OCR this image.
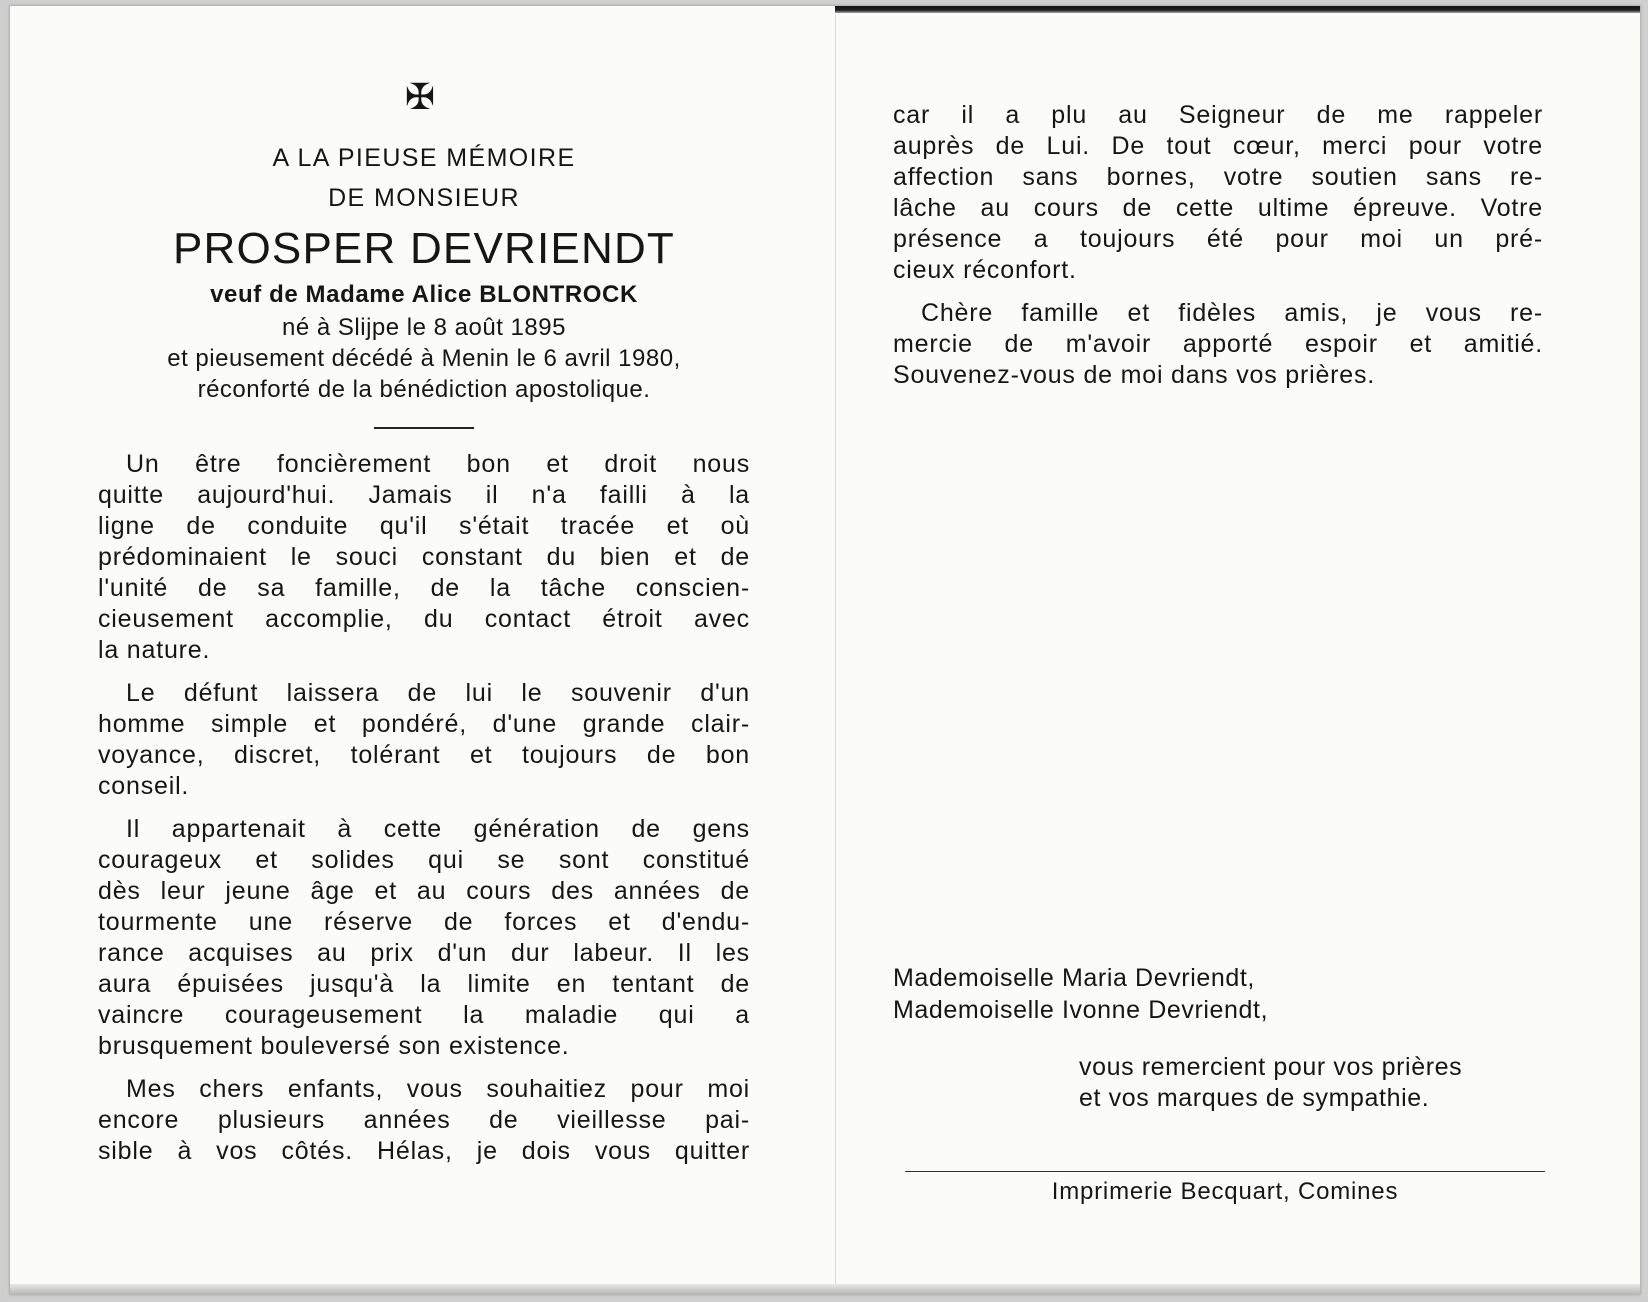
✠
A LA PIEUSE MÉMOIRE
DE MONSIEUR
PROSPER DEVRIENDT
veuf de Madame Alice BLONTROCK
né à Slijpe le 8 août 1895
et pieusement décédé à Menin le 6 avril 1980,
réconforté de la bénédiction apostolique.
Un être foncièrement bon et droit nous
quitte aujourd'hui. Jamais il n'a failli à la
ligne de conduite qu'il s'était tracée et où
prédominaient le souci constant du bien et de
l'unité de sa famille, de la tâche conscien-
cieusement accomplie, du contact étroit avec
la nature.
Le défunt laissera de lui le souvenir d'un
homme simple et pondéré, d'une grande clair-
voyance, discret, tolérant et toujours de bon
conseil.
Il appartenait à cette génération de gens
courageux et solides qui se sont constitué
dès leur jeune âge et au cours des années de
tourmente une réserve de forces et d'endu-
rance acquises au prix d'un dur labeur. Il les
aura épuisées jusqu'à la limite en tentant de
vaincre courageusement la maladie qui a
brusquement bouleversé son existence.
Mes chers enfants, vous souhaitiez pour moi
encore plusieurs années de vieillesse pai-
sible à vos côtés. Hélas, je dois vous quitter
car il a plu au Seigneur de me rappeler
auprès de Lui. De tout cœur, merci pour votre
affection sans bornes, votre soutien sans re-
lâche au cours de cette ultime épreuve. Votre
présence a toujours été pour moi un pré-
cieux réconfort.
Chère famille et fidèles amis, je vous re-
mercie de m'avoir apporté espoir et amitié.
Souvenez-vous de moi dans vos prières.
Mademoiselle Maria Devriendt,
Mademoiselle Ivonne Devriendt,
vous remercient pour vos prières
et vos marques de sympathie.
Imprimerie Becquart, Comines
